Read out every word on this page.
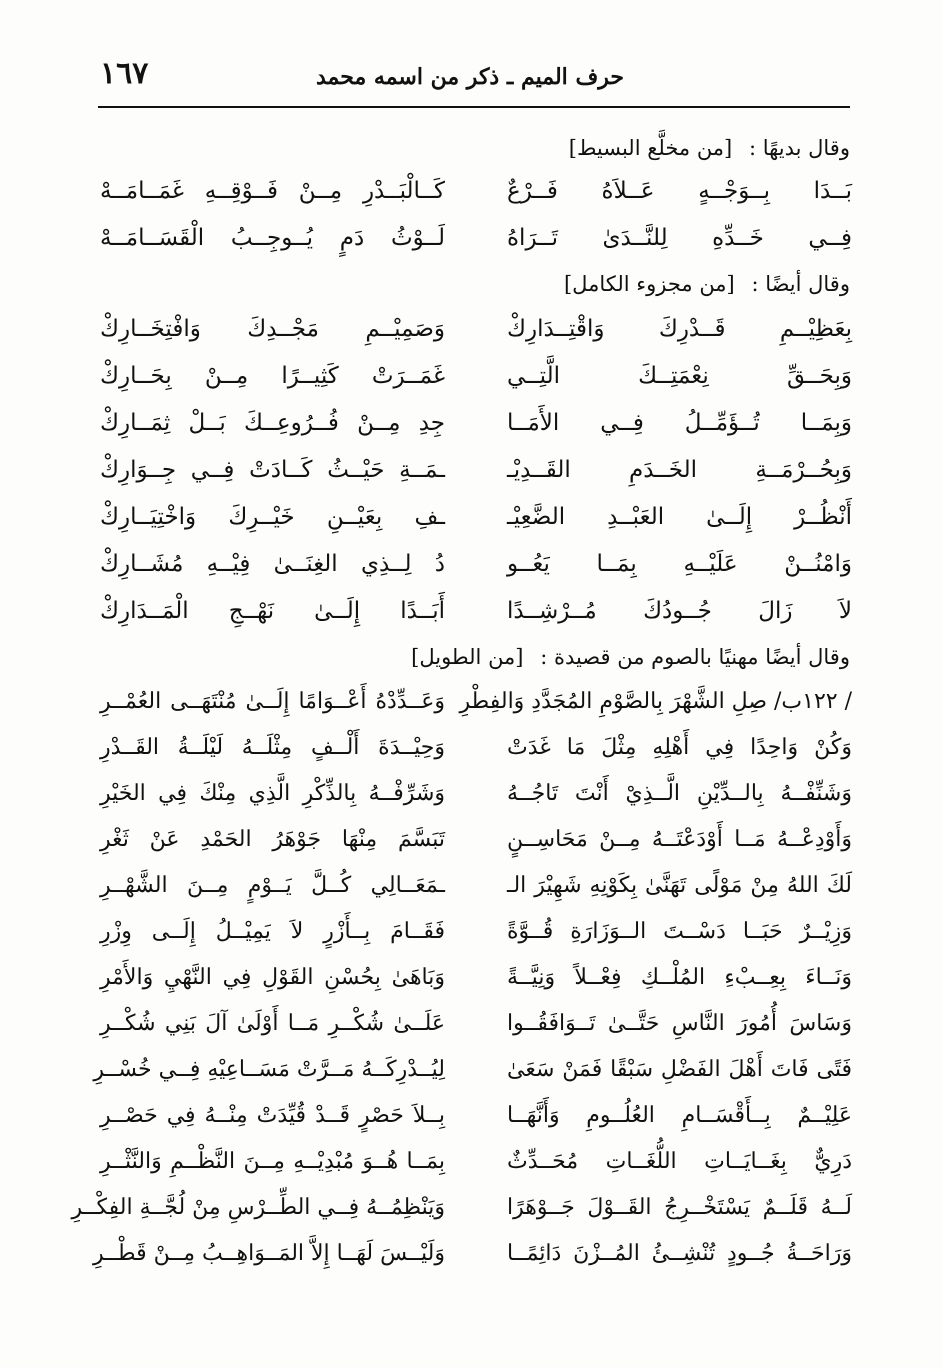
١٦٧	حرف الميم ـ ذكر من اسمه محمد
وقال بديهًا : [من مخلَّع البسيط]
بَــدَا بِــوَجْــهٍ عَــلاَهُ فَــرْعٌ
كَــالْبَــدْرِ مِــنْ فَــوْقِــهِ غَمَــامَــهْ
فِــي خَــدِّهِ لِلنَّــدَىٰ تَــرَاهُ
لَــوْثُ دَمٍ يُــوجِــبُ الْقَسَــامَــهْ
وقال أيضًا : [من مجزوء الكامل]
بِعَظِيْــمِ قَــدْرِكَ وَاقْتِــدَارِكْ
وَصَمِيْــمِ مَجْــدِكَ وَافْتِخَــارِكْ
وَبِحَــقِّ نِعْمَتِــكَ الَّتِــي
غَمَــرَتْ كَثِيــرًا مِــنْ بِحَــارِكْ
وَبِمَــا تُــؤَمِّــلُ فِــي الأَمَــا
جِدِ مِــنْ فُــرُوعِــكَ بَــلْ ثِمَــارِكْ
وَبِحُــرْمَــةِ الخَــدَمِ القَــدِيْـ
ـمَــةِ حَيْــثُ كَــادَتْ فِــي جِــوَارِكْ
أَنْظُــرْ إِلَــىٰ العَبْــدِ الضَّعِيْـ
ـفِ بِعَيْــنِ خَيْــرِكَ وَاخْتِيَــارِكْ
وَامْنُــنْ عَلَيْــهِ بِمَــا يَعُــو
دُ لِــذِي الغِنَــىٰ فِيْــهِ مُشَــارِكْ
لاَ زَالَ جُــودُكَ مُــرْشِــدًا
أَبَــدًا إِلَــىٰ نَهْــجِ الْمَــدَارِكْ
وقال أيضًا مهنيًا بالصوم من قصيدة : [من الطويل]
/ ١٢٢ب/ صِلِ الشَّهْرَ بِالصَّوْمِ المُجَدَّدِ وَالفِطْرِ
وَعَــدِّدْهُ أَعْــوَامًا إِلَــىٰ مُنْتَهَــى العُمْــرِ
وَكُنْ وَاحِدًا فِي أَهْلِهِ مِثْلَ مَا غَدَتْ
وَحِيْــدَةَ أَلْــفٍ مِثْلَــهُ لَيْلَــةُ القَــدْرِ
وَشَنِّفْــهُ بِالــدِّيْنِ الَّــذِيْ أَنْتَ تَاجُــهُ
وَشَرِّفْــهُ بِالذِّكْرِ الَّذِي مِنْكَ فِي الخَيْرِ
وَأَوْدِعْــهُ مَــا أَوْدَعْتَــهُ مِــنْ مَحَاسِــنٍ
تَبَسَّمَ مِنْهَا جَوْهَرُ الحَمْدِ عَنْ ثَغْرِ
لَكَ اللهُ مِنْ مَوْلًى تَهَنَّىٰ بِكَوْنِهِ شَهِيْرَ الـ
ـمَعَــالِي كُــلَّ يَــوْمٍ مِــنَ الشَّهْــرِ
وَزِيْــرٌ حَبَــا دَسْــتَ الــوَزَارَةِ قُــوَّةً
فَقَــامَ بِــأَزْرٍ لاَ يَمِيْــلُ إِلَــى وِزْرِ
وَنَــاءَ بِعِــبْءِ المُلْــكِ فِعْــلاً وَنِيَّــةً
وَبَاهَىٰ بِحُسْنِ القَوْلِ فِي النَّهْيِ وَالأَمْرِ
وَسَاسَ أُمُورَ النَّاسِ حَتَّــىٰ تَــوَافَقُــوا
عَلَــىٰ شُكْــرِ مَــا أَوْلَىٰ آلَ بَنِي شُكْــرِ
فَتًى فَاتَ أَهْلَ الفَضْلِ سَبْقًا فَمَنْ سَعَىٰ
لِيُــدْرِكَــهُ مَــرَّتْ مَسَــاعِيْهِ فِــي خُسْــرِ
عَلِيْــمٌ بِــأَقْسَــامِ العُلُــومِ وَأَنَّهَــا
بِــلاَ حَصْرٍ قَــدْ قُيِّدَتْ مِنْــهُ فِي حَصْــرِ
دَرِيٌّ بِغَــايَــاتِ اللُّغَــاتِ مُحَــدِّثٌ
بِمَــا هُــوَ مُبْدِيْــهِ مِــنَ النَّظْــمِ وَالنَّثْــرِ
لَــهُ قَلَــمٌ يَسْتَخْــرِجُ القَــوْلَ جَــوْهَرًا
وَيَنْظِمُــهُ فِــي الطِّــرْسِ مِنْ لُجَّــةِ الفِكْــرِ
وَرَاحَــةُ جُــودٍ تُنْشِــئُ المُــزْنَ دَائِمًــا
وَلَيْــسَ لَهَــا إِلاَّ المَــوَاهِــبُ مِــنْ قَطْــرِ
